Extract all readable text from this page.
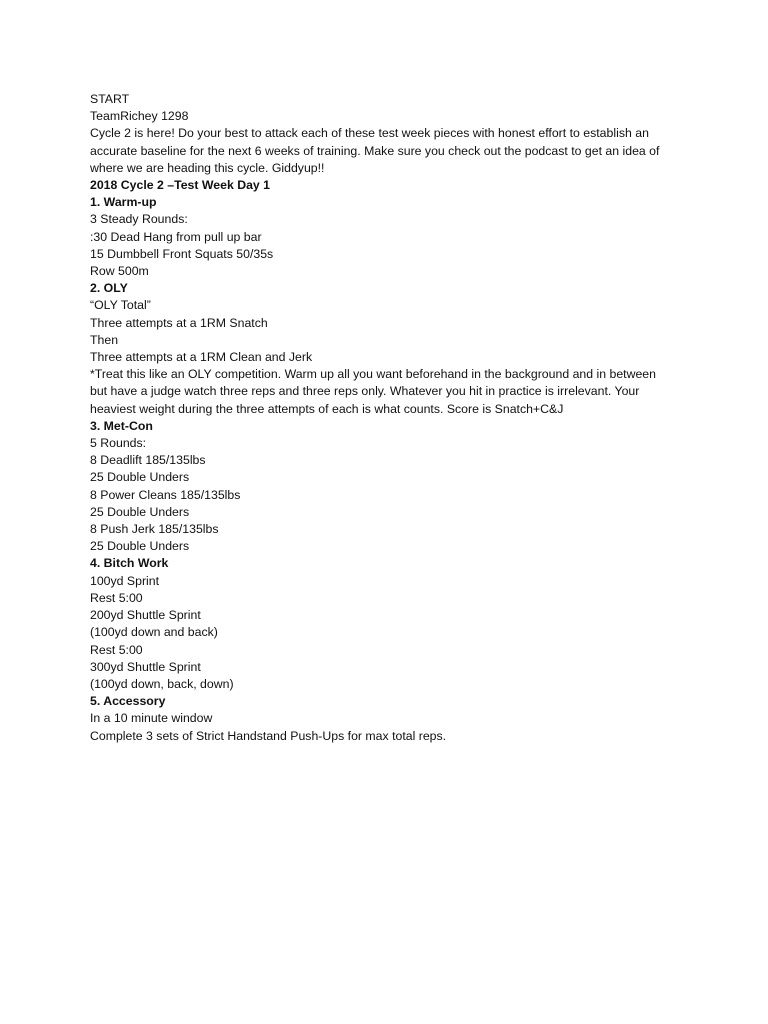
START
TeamRichey 1298
Cycle 2 is here! Do your best to attack each of these test week pieces with honest effort to establish an
accurate baseline for the next 6 weeks of training. Make sure you check out the podcast to get an idea of
where we are heading this cycle. Giddyup!!
2018 Cycle 2 –Test Week Day 1
1. Warm-up
3 Steady Rounds:
:30 Dead Hang from pull up bar
15 Dumbbell Front Squats 50/35s
Row 500m
2. OLY
“OLY Total”
Three attempts at a 1RM Snatch
Then
Three attempts at a 1RM Clean and Jerk
*Treat this like an OLY competition. Warm up all you want beforehand in the background and in between
but have a judge watch three reps and three reps only. Whatever you hit in practice is irrelevant. Your
heaviest weight during the three attempts of each is what counts. Score is Snatch+C&J
3. Met-Con
5 Rounds:
8 Deadlift 185/135lbs
25 Double Unders
8 Power Cleans 185/135lbs
25 Double Unders
8 Push Jerk 185/135lbs
25 Double Unders
4. Bitch Work
100yd Sprint
Rest 5:00
200yd Shuttle Sprint
(100yd down and back)
Rest 5:00
300yd Shuttle Sprint
(100yd down, back, down)
5. Accessory
In a 10 minute window
Complete 3 sets of Strict Handstand Push-Ups for max total reps.
